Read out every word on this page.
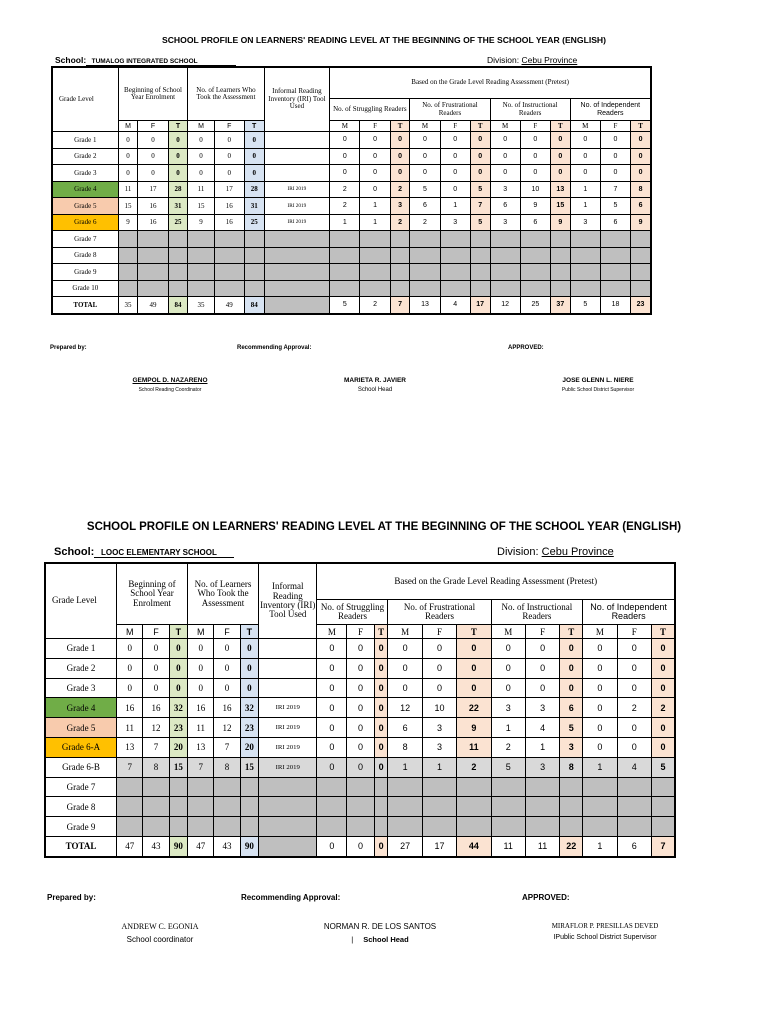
SCHOOL PROFILE ON LEARNERS' READING LEVEL AT THE BEGINNING OF THE SCHOOL YEAR (ENGLISH)
School: TUMALOG INTEGRATED SCHOOL	Division: Cebu Province
Grade Level	Beginning of School Year Enrolment			No. of Learners Who Took the Assessment			Informal Reading Inventory (IRI) Tool Used	Based on the Grade Level Reading Assessment (Pretest)											
								No. of Struggling Readers			No. of Frustrational Readers			No. of Instructional Readers			No. of Independent Readers		
	M	F	T	M	F	T		M	F	T	M	F	T	M	F	T	M	F	T
Grade 1	0	0	0	0	0	0		0	0	0	0	0	0	0	0	0	0	0	0
Grade 2	0	0	0	0	0	0		0	0	0	0	0	0	0	0	0	0	0	0
Grade 3	0	0	0	0	0	0		0	0	0	0	0	0	0	0	0	0	0	0
Grade 4	11	17	28	11	17	28	IRI 2019	2	0	2	5	0	5	3	10	13	1	7	8
Grade 5	15	16	31	15	16	31	IRI 2019	2	1	3	6	1	7	6	9	15	1	5	6
Grade 6	9	16	25	9	16	25	IRI 2019	1	1	2	2	3	5	3	6	9	3	6	9
Grade 7																			
Grade 8																			
Grade 9																			
Grade 10																			
TOTAL	35	49	84	35	49	84		5	2	7	13	4	17	12	25	37	5	18	23
Prepared by:	Recommending Approval:	APPROVED:
GEMPOL D. NAZARENO
School Reading Coordinator
MARIETA R. JAVIER
School Head
JOSE GLENN L. NIERE
Public School District Supervisor
SCHOOL PROFILE ON LEARNERS' READING LEVEL AT THE BEGINNING OF THE SCHOOL YEAR (ENGLISH)
School: LOOC ELEMENTARY SCHOOL	Division: Cebu Province
Grade Level	Beginning of School Year Enrolment			No. of Learners Who Took the Assessment			Informal Reading Inventory (IRI) Tool Used	Based on the Grade Level Reading Assessment (Pretest)											
								No. of Struggling Readers			No. of Frustrational Readers			No. of Instructional Readers			No. of Independent Readers		
	M	F	T	M	F	T		M	F	T	M	F	T	M	F	T	M	F	T
Grade 1	0	0	0	0	0	0		0	0	0	0	0	0	0	0	0	0	0	0
Grade 2	0	0	0	0	0	0		0	0	0	0	0	0	0	0	0	0	0	0
Grade 3	0	0	0	0	0	0		0	0	0	0	0	0	0	0	0	0	0	0
Grade 4	16	16	32	16	16	32	IRI 2019	0	0	0	12	10	22	3	3	6	0	2	2
Grade 5	11	12	23	11	12	23	IRI 2019	0	0	0	6	3	9	1	4	5	0	0	0
Grade 6-A	13	7	20	13	7	20	IRI 2019	0	0	0	8	3	11	2	1	3	0	0	0
Grade 6-B	7	8	15	7	8	15	IRI 2019	0	0	0	1	1	2	5	3	8	1	4	5
Grade 7																			
Grade 8																			
Grade 9																			
TOTAL	47	43	90	47	43	90		0	0	0	27	17	44	11	11	22	1	6	7
Prepared by:	Recommending Approval:	APPROVED:
ANDREW C. EGONIA
School coordinator
NORMAN R. DE LOS SANTOS
| School Head
MIRAFLOR P. PRESILLAS DEVED
IPublic School District Supervisor
